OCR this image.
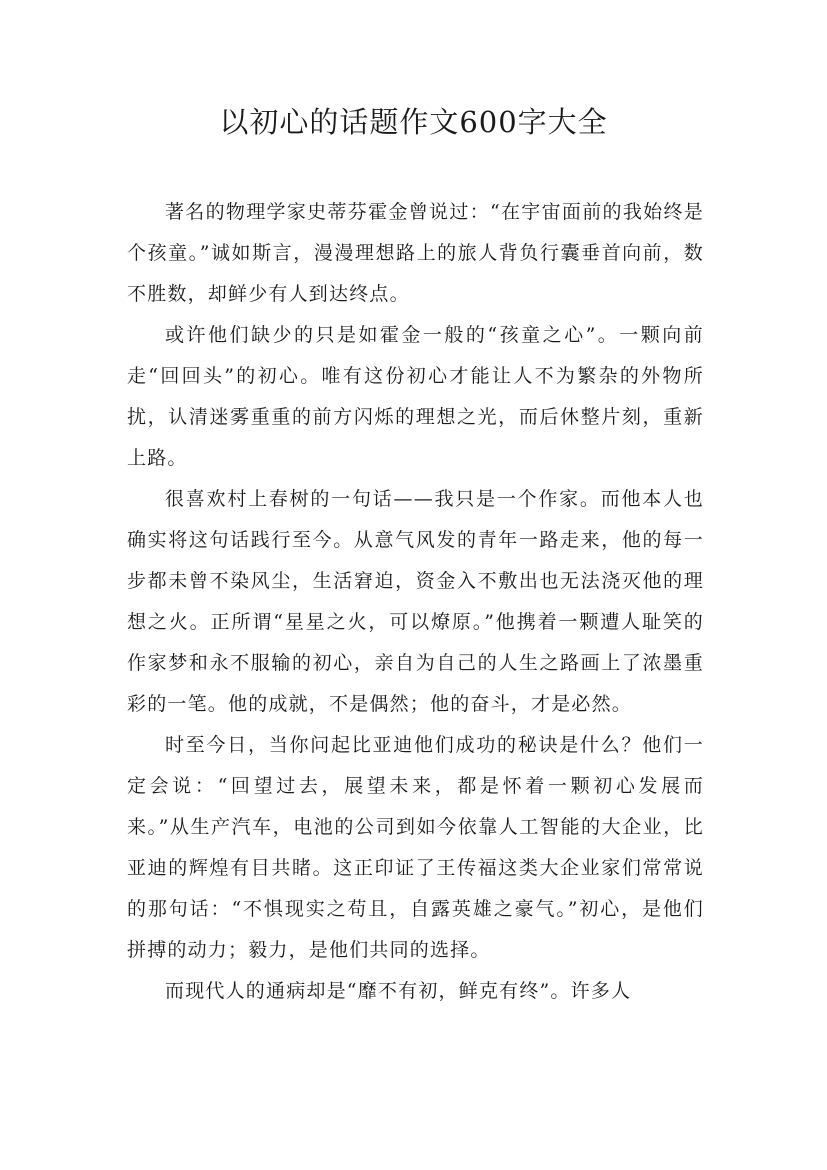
以初心的话题作文600字大全

著名的物理学家史蒂芬霍金曾说过：“在宇宙面前的我始终是个孩童。”诚如斯言，漫漫理想路上的旅人背负行囊垂首向前，数不胜数，却鲜少有人到达终点。

或许他们缺少的只是如霍金一般的“孩童之心”。一颗向前走“回回头”的初心。唯有这份初心才能让人不为繁杂的外物所扰，认清迷雾重重的前方闪烁的理想之光，而后休整片刻，重新上路。

很喜欢村上春树的一句话——我只是一个作家。而他本人也确实将这句话践行至今。从意气风发的青年一路走来，他的每一步都未曾不染风尘，生活窘迫，资金入不敷出也无法浇灭他的理想之火。正所谓“星星之火，可以燎原。”他携着一颗遭人耻笑的作家梦和永不服输的初心，亲自为自己的人生之路画上了浓墨重彩的一笔。他的成就，不是偶然；他的奋斗，才是必然。

时至今日，当你问起比亚迪他们成功的秘诀是什么？他们一定会说：“回望过去，展望未来，都是怀着一颗初心发展而来。”从生产汽车，电池的公司到如今依靠人工智能的大企业，比亚迪的辉煌有目共睹。这正印证了王传福这类大企业家们常常说的那句话：“不惧现实之苟且，自露英雄之豪气。”初心，是他们拼搏的动力；毅力，是他们共同的选择。

而现代人的通病却是“靡不有初，鲜克有终”。许多人
